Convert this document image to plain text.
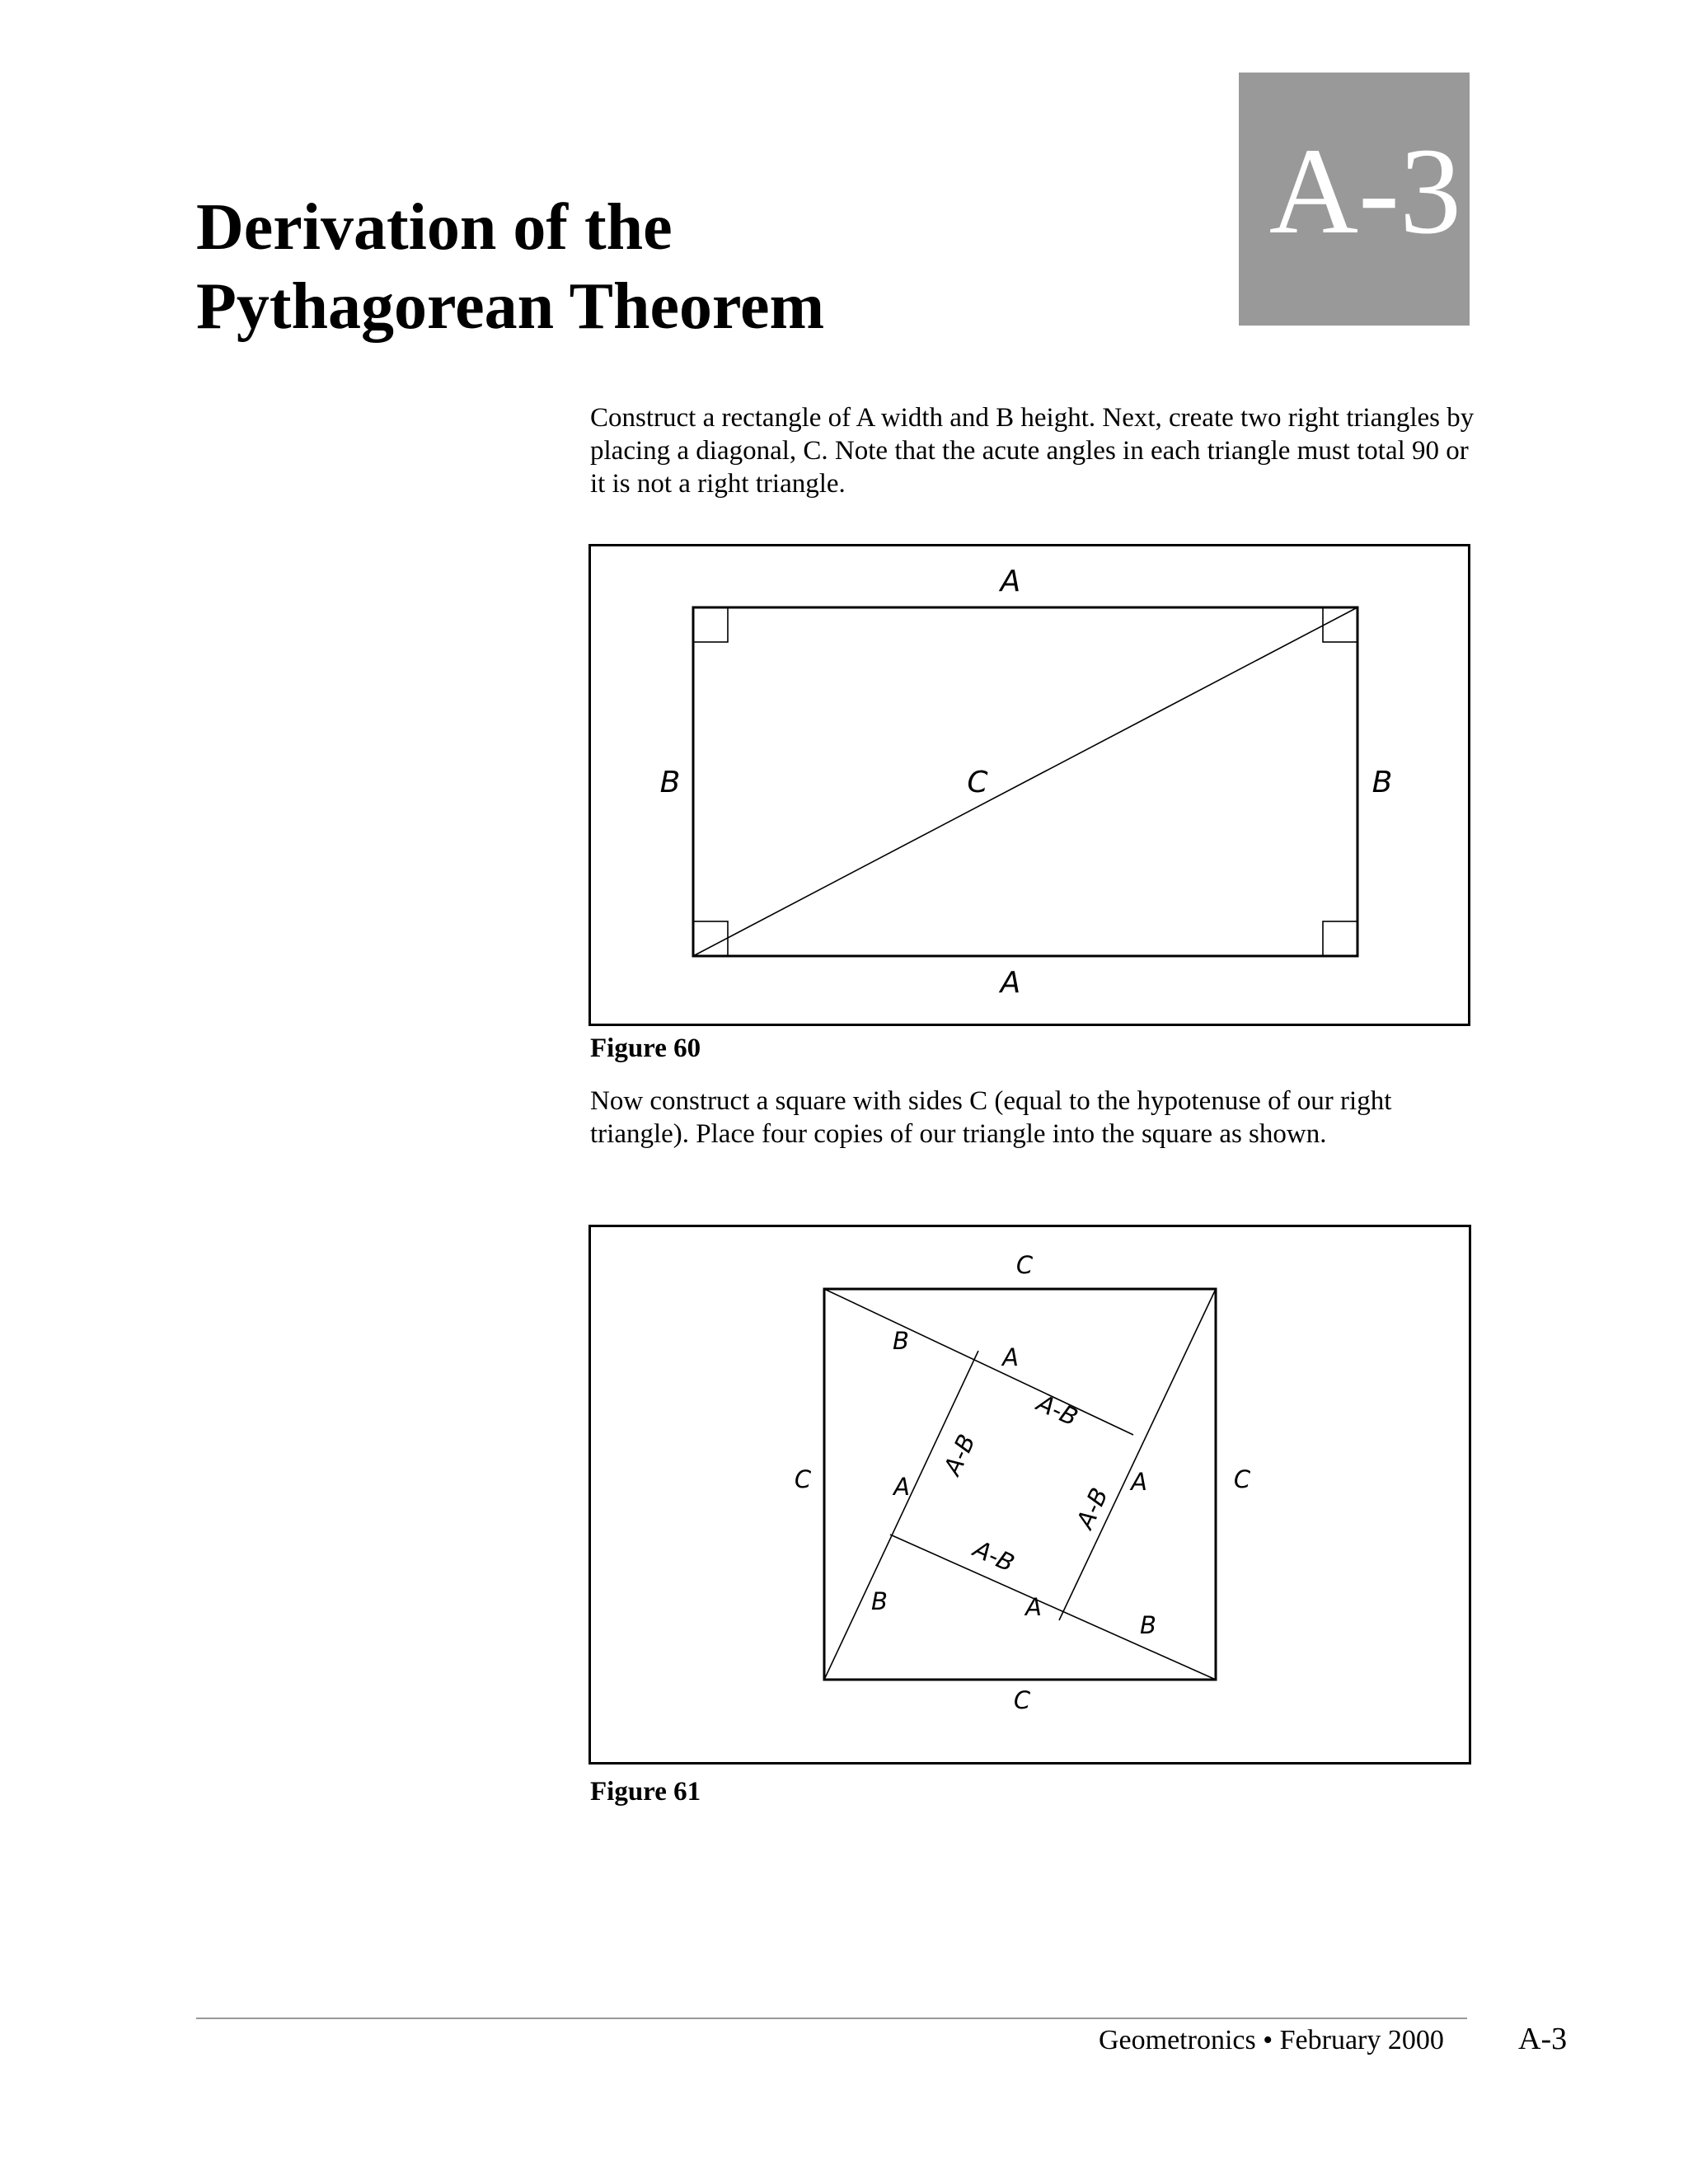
Derivation of the
Pythagorean Theorem
A-3

Construct a rectangle of A width and B height. Next, create two right triangles by placing a diagonal, C. Note that the acute angles in each triangle must total 90 or it is not a right triangle.

A
A
B	B
C

Figure 60

Now construct a square with sides C (equal to the hypotenuse of our right triangle). Place four copies of our triangle into the square as shown.

C
C
C	C
B
A
A-B
A
A-B
A
A-B
A-B
A
B
B

Figure 61

Geometronics • February 2000 A-3
